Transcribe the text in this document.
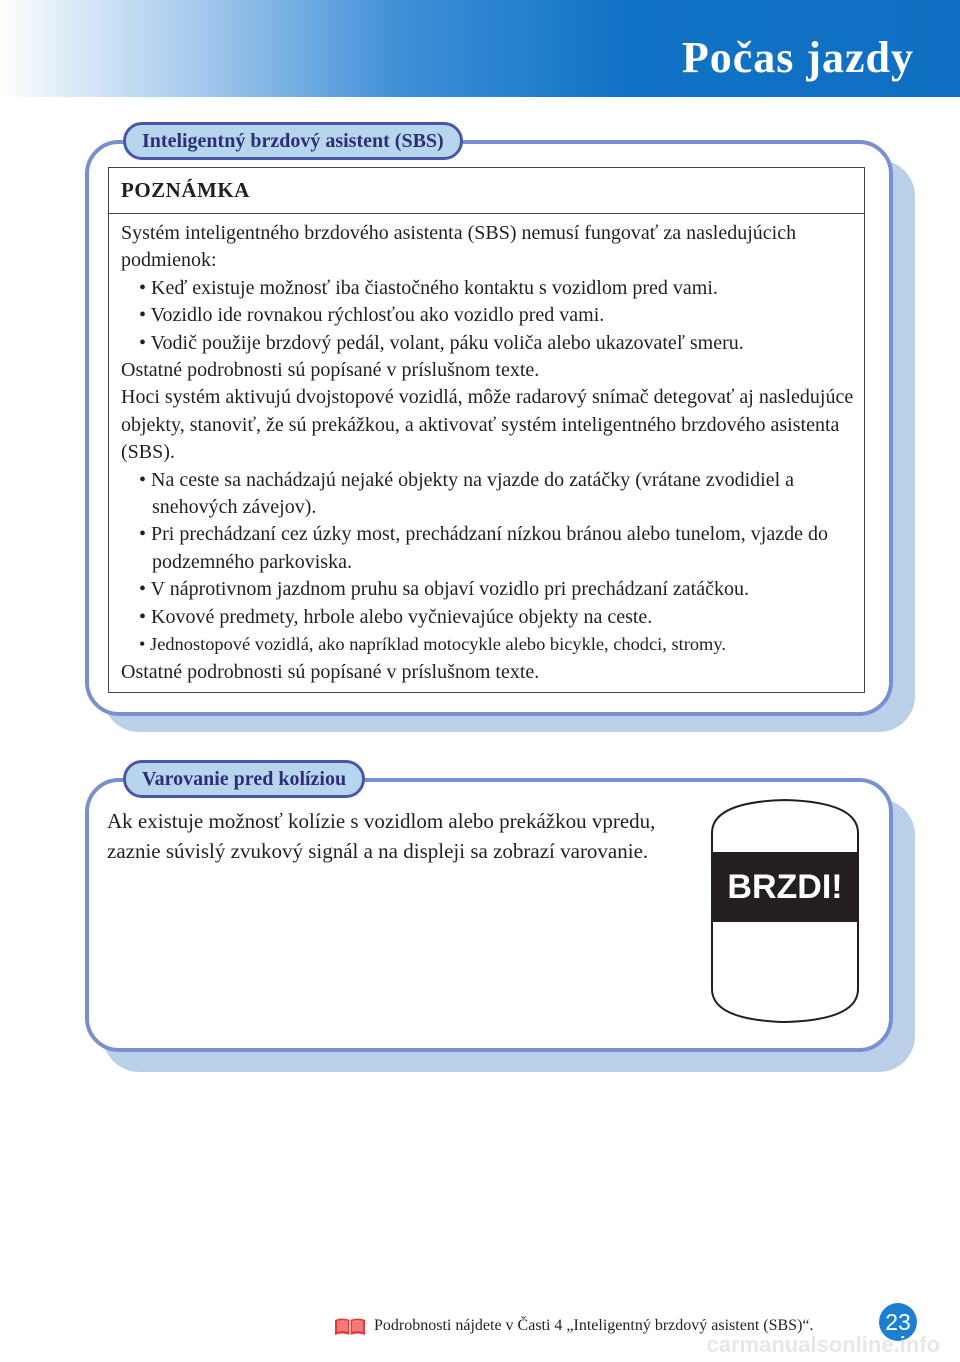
Počas jazdy
Inteligentný brzdový asistent (SBS)
POZNÁMKA

Systém inteligentného brzdového asistenta (SBS) nemusí fungovať za nasledujúcich podmienok:

• Keď existuje možnosť iba čiastočného kontaktu s vozidlom pred vami.

• Vozidlo ide rovnakou rýchlosťou ako vozidlo pred vami.

• Vodič použije brzdový pedál, volant, páku voliča alebo ukazovateľ smeru.

Ostatné podrobnosti sú popísané v príslušnom texte.

Hoci systém aktivujú dvojstopové vozidlá, môže radarový snímač detegovať aj nasledujúce objekty, stanoviť, že sú prekážkou, a aktivovať systém inteligentného brzdového asistenta (SBS).

• Na ceste sa nachádzajú nejaké objekty na vjazde do zatáčky (vrátane zvodidiel a snehových závejov).

• Pri prechádzaní cez úzky most, prechádzaní nízkou bránou alebo tunelom, vjazde do podzemného parkoviska.

• V náprotivnom jazdnom pruhu sa objaví vozidlo pri prechádzaní zatáčkou.

• Kovové predmety, hrbole alebo vyčnievajúce objekty na ceste.

• Jednostopové vozidlá, ako napríklad motocykle alebo bicykle, chodci, stromy.

Ostatné podrobnosti sú popísané v príslušnom texte.

Varovanie pred kolíziou
Ak existuje možnosť kolízie s vozidlom alebo prekážkou vpredu, zaznie súvislý zvukový signál a na displeji sa zobrazí varovanie.
BRZDI!
Podrobnosti nájdete v Časti 4 „Inteligentný brzdový asistent (SBS)“.	23
carmanualsonline.info
